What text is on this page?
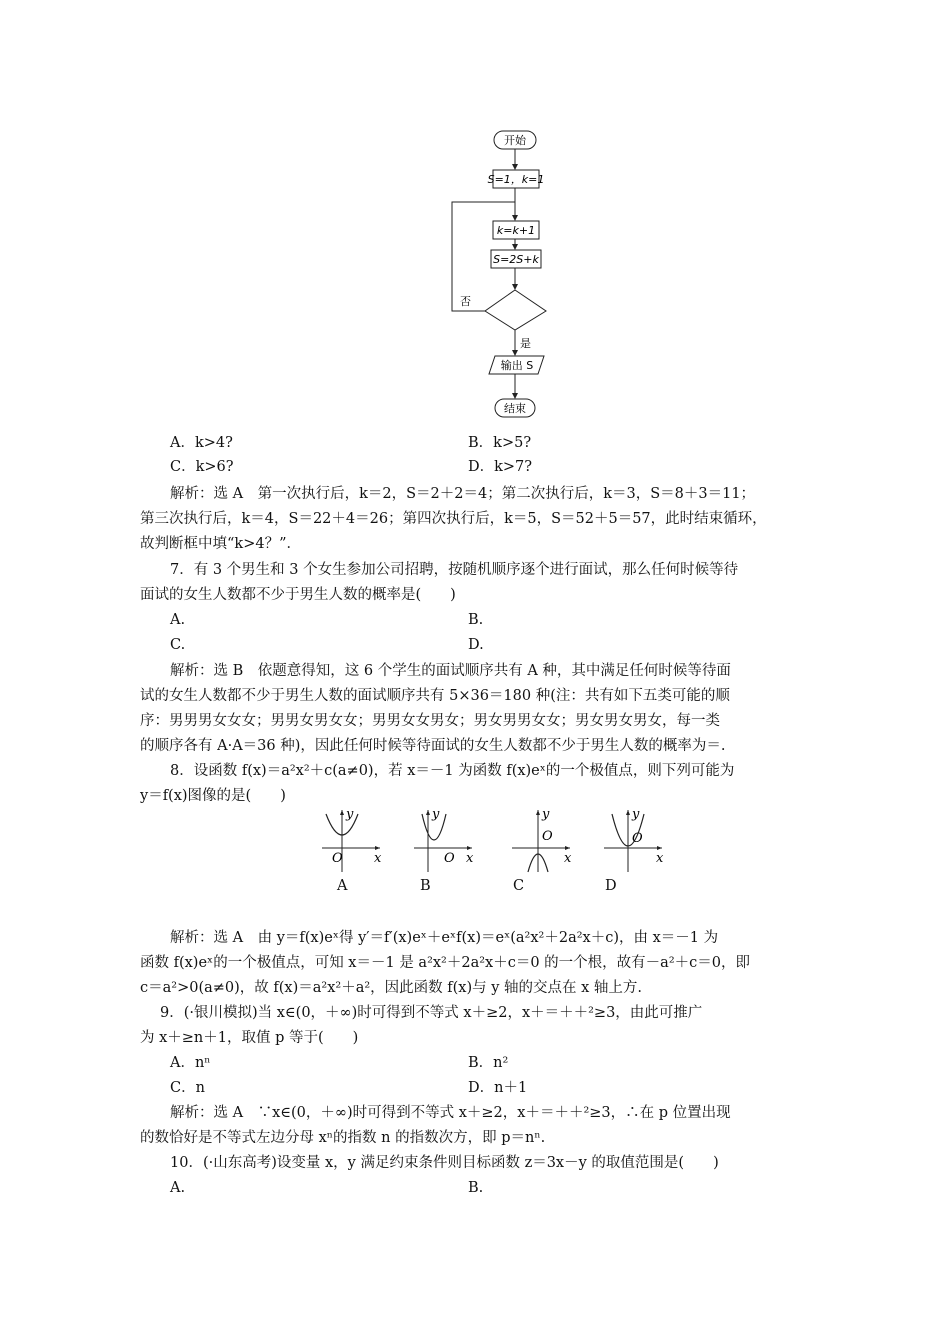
开始
S=1，k=1
k=k+1
S=2S+k
否
是
输出 S
结束
A．k>4?	B．k>5?
C．k>6?	D．k>7?
解析：选 A　第一次执行后，k＝2，S＝2＋2＝4；第二次执行后，k＝3，S＝8＋3＝11；
第三次执行后，k＝4，S＝22＋4＝26；第四次执行后，k＝5，S＝52＋5＝57，此时结束循环，
故判断框中填“k>4？”．
7．有 3 个男生和 3 个女生参加公司招聘，按随机顺序逐个进行面试，那么任何时候等待
面试的女生人数都不少于男生人数的概率是(　　)
A.	B.
C.	D.
解析：选 B　依题意得知，这 6 个学生的面试顺序共有 A 种，其中满足任何时候等待面
试的女生人数都不少于男生人数的面试顺序共有 5×36＝180 种(注：共有如下五类可能的顺
序：男男男女女女；男男女男女女；男男女女男女；男女男男女女；男女男女男女，每一类
的顺序各有 A·A＝36 种)，因此任何时候等待面试的女生人数都不少于男生人数的概率为＝.
8．设函数 f(x)＝a²x²＋c(a≠0)，若 x＝－1 为函数 f(x)eˣ的一个极值点，则下列可能为
y＝f(x)图像的是(　　)
y
x
O
y
x
O
y
x
O
y
x
O
A	B	C	D
解析：选 A　由 y＝f(x)eˣ得 y′＝f′(x)eˣ＋eˣf(x)＝eˣ(a²x²＋2a²x＋c)，由 x＝－1 为
函数 f(x)eˣ的一个极值点，可知 x＝－1 是 a²x²＋2a²x＋c＝0 的一个根，故有－a²＋c＝0，即
c＝a²>0(a≠0)，故 f(x)＝a²x²＋a²，因此函数 f(x)与 y 轴的交点在 x 轴上方.
9．(·银川模拟)当 x∈(0，＋∞)时可得到不等式 x＋≥2，x＋＝＋＋²≥3，由此可推广
为 x＋≥n＋1，取值 p 等于(　　)
A．nⁿ	B．n²
C．n	D．n＋1
解析：选 A　∵x∈(0，＋∞)时可得到不等式 x＋≥2，x＋＝＋＋²≥3，∴在 p 位置出现
的数恰好是不等式左边分母 xⁿ的指数 n 的指数次方，即 p＝nⁿ.
10．(·山东高考)设变量 x，y 满足约束条件则目标函数 z＝3x－y 的取值范围是(　　)
A.	B.
